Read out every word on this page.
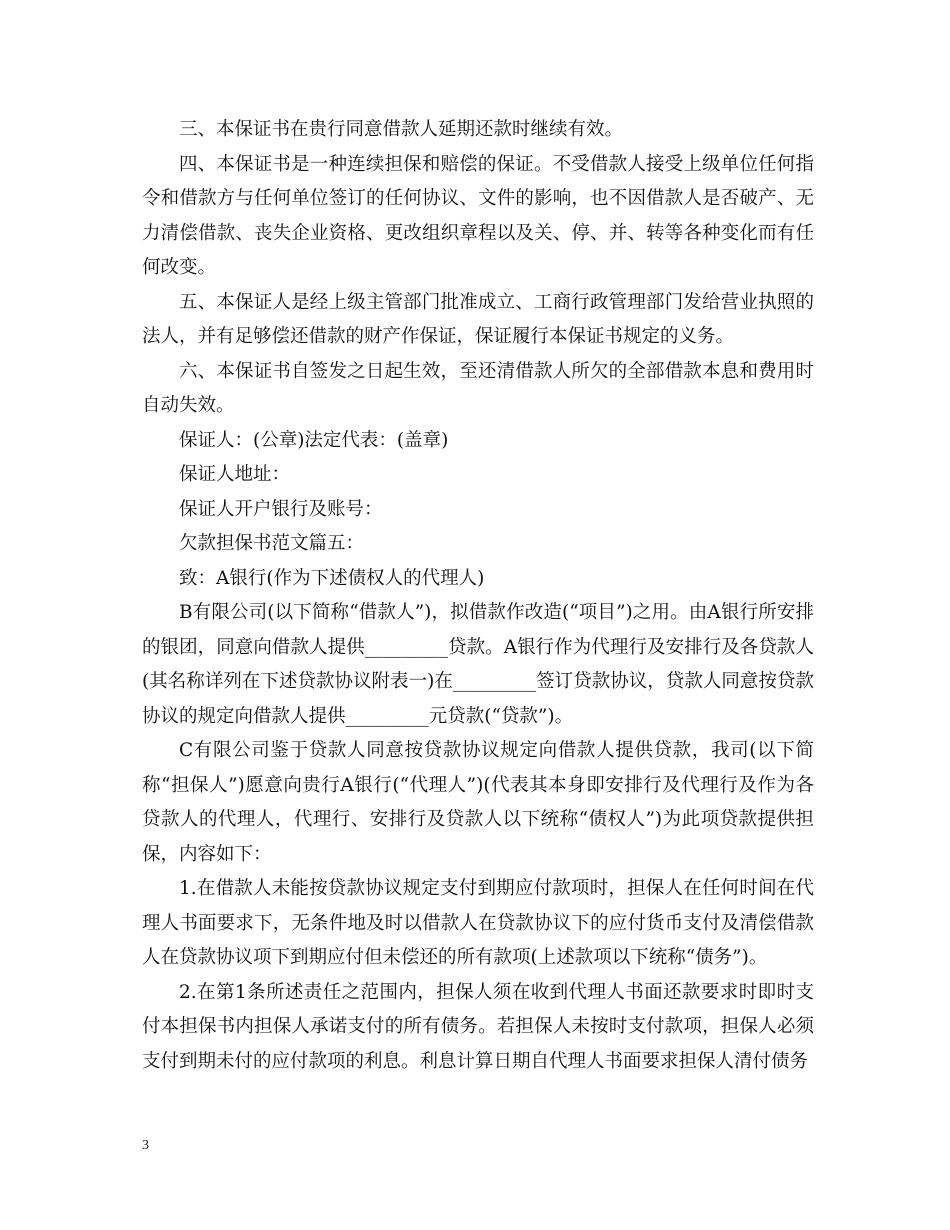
三、本保证书在贵行同意借款人延期还款时继续有效。

四、本保证书是一种连续担保和赔偿的保证。不受借款人接受上级单位任何指令和借款方与任何单位签订的任何协议、文件的影响，也不因借款人是否破产、无力清偿借款、丧失企业资格、更改组织章程以及关、停、并、转等各种变化而有任何改变。

五、本保证人是经上级主管部门批准成立、工商行政管理部门发给营业执照的法人，并有足够偿还借款的财产作保证，保证履行本保证书规定的义务。

六、本保证书自签发之日起生效，至还清借款人所欠的全部借款本息和费用时自动失效。

保证人：(公章)法定代表：(盖章)

保证人地址：

保证人开户银行及账号：

欠款担保书范文篇五：

致：A银行(作为下述债权人的代理人)

B有限公司(以下简称“借款人”)，拟借款作改造(“项目”)之用。由A银行所安排的银团，同意向借款人提供_________贷款。A银行作为代理行及安排行及各贷款人(其名称详列在下述贷款协议附表一)在_________签订贷款协议，贷款人同意按贷款协议的规定向借款人提供_________元贷款(“贷款”)。

C有限公司鉴于贷款人同意按贷款协议规定向借款人提供贷款，我司(以下简称“担保人”)愿意向贵行A银行(“代理人”)(代表其本身即安排行及代理行及作为各贷款人的代理人，代理行、安排行及贷款人以下统称“债权人”)为此项贷款提供担保，内容如下：

1.在借款人未能按贷款协议规定支付到期应付款项时，担保人在任何时间在代理人书面要求下，无条件地及时以借款人在贷款协议下的应付货币支付及清偿借款人在贷款协议项下到期应付但未偿还的所有款项(上述款项以下统称“债务”)。

2.在第1条所述责任之范围内，担保人须在收到代理人书面还款要求时即时支付本担保书内担保人承诺支付的所有债务。若担保人未按时支付款项，担保人必须支付到期未付的应付款项的利息。利息计算日期自代理人书面要求担保人清付债务

3
